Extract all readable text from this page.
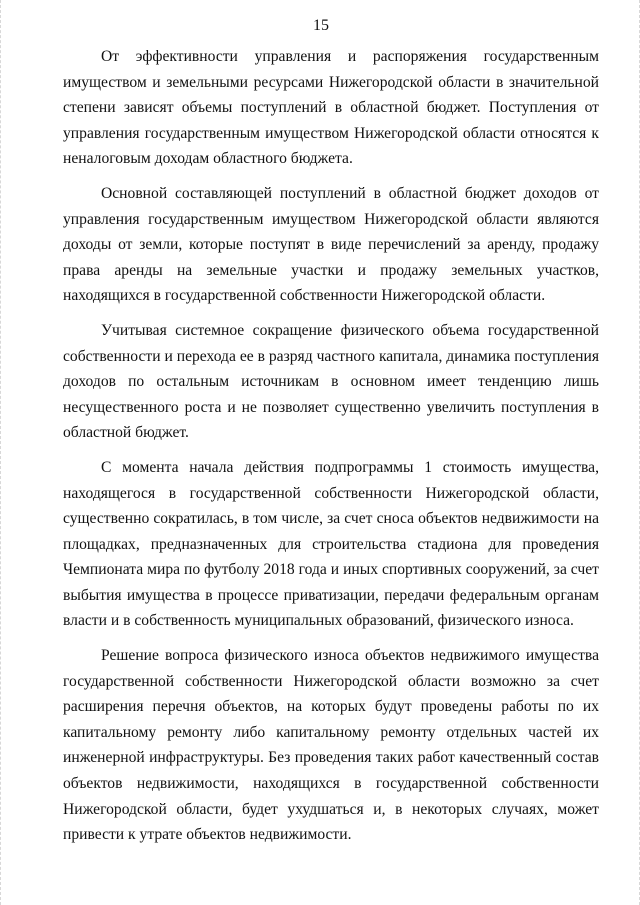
15

От эффективности управления и распоряжения государственным имуществом и земельными ресурсами Нижегородской области в значительной степени зависят объемы поступлений в областной бюджет. Поступления от управления государственным имуществом Нижегородской области относятся к неналоговым доходам областного бюджета.

Основной составляющей поступлений в областной бюджет доходов от управления государственным имуществом Нижегородской области являются доходы от земли, которые поступят в виде перечислений за аренду, продажу права аренды на земельные участки и продажу земельных участков, находящихся в государственной собственности Нижегородской области.

Учитывая системное сокращение физического объема государственной собственности и перехода ее в разряд частного капитала, динамика поступления доходов по остальным источникам в основном имеет тенденцию лишь несущественного роста и не позволяет существенно увеличить поступления в областной бюджет.

С момента начала действия подпрограммы 1 стоимость имущества, находящегося в государственной собственности Нижегородской области, существенно сократилась, в том числе, за счет сноса объектов недвижимости на площадках, предназначенных для строительства стадиона для проведения Чемпионата мира по футболу 2018 года и иных спортивных сооружений, за счет выбытия имущества в процессе приватизации, передачи федеральным органам власти и в собственность муниципальных образований, физического износа.

Решение вопроса физического износа объектов недвижимого имущества государственной собственности Нижегородской области возможно за счет расширения перечня объектов, на которых будут проведены работы по их капитальному ремонту либо капитальному ремонту отдельных частей их инженерной инфраструктуры. Без проведения таких работ качественный состав объектов недвижимости, находящихся в государственной собственности Нижегородской области, будет ухудшаться и, в некоторых случаях, может привести к утрате объектов недвижимости.
